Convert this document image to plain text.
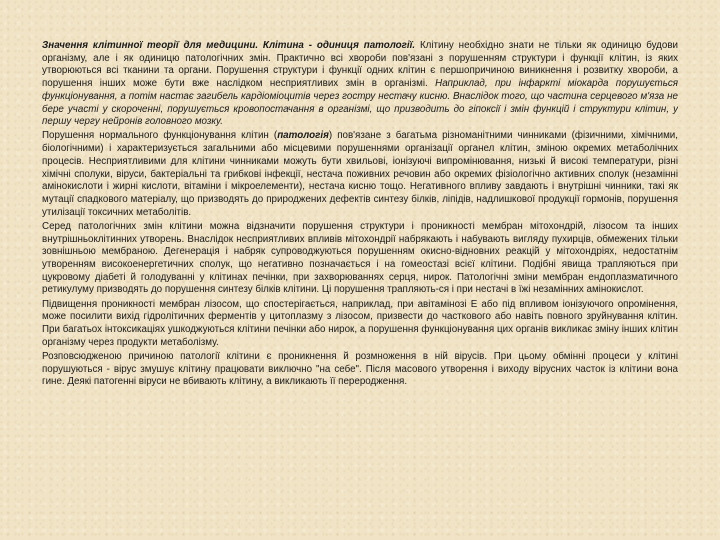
Значення клітинної теорії для медицини. Клітина - одиниця патології. Клітину необхідно знати не тільки як одиницю будови організму, але і як одиницю патологічних змін. Практично всі хвороби пов'язані з порушенням структури і функції клітин, із яких утворюються всі тканини та органи. Порушення структури і функції одних клітин є першопричиною виникнення і розвитку хвороби, а порушення інших може бути вже наслідком несприятливих змін в організмі. Наприклад, при інфаркті міокарда порушується функціонування, а потім настає загибель кардіоміоцитів через гостру нестачу кисню. Внаслідок того, що частина серцевого м'яза не бере участі у скороченні, порушується кровопостачання в організмі, що призводить до гіпоксії і змін функцій і структури клітин, у першу чергу нейронів головного мозку.

Порушення нормального функціонування клітин (патологія) пов'язане з багатьма різноманітними чинниками (фізичними, хімічними, біологічними) і характеризується загальними або місцевими порушеннями організації органел клітин, зміною окремих метаболічних процесів. Несприятливими для клітини чинниками можуть бути хвильові, іонізуючі випромінювання, низькі й високі температури, різні хімічні сполуки, віруси, бактеріальні та грибкові інфекції, нестача поживних речовин або окремих фізіологічно активних сполук (незамінні амінокислоти і жирні кислоти, вітаміни і мікроелементи), нестача кисню тощо. Негативного впливу завдають і внутрішні чинники, такі як мутації спадкового матеріалу, що призводять до природжених дефектів синтезу білків, ліпідів, надлишкової продукції гормонів, порушення утилізації токсичних метаболітів.

Серед патологічних змін клітини можна відзначити порушення структури і проникності мембран мітохондрій, лізосом та інших внутрішньоклітинних утворень. Внаслідок несприятливих впливів мітохондрії набрякають і набувають вигляду пухирців, обмежених тільки зовнішньою мембраною. Дегенерація і набряк супроводжуються порушенням окисно-відновних реакцій у мітохондріях, недостатнім утворенням високоенергетичних сполук, що негативно позначається і на гомеостазі всієї клітини. Подібні явища трапляються при цукровому діабеті й голодуванні у клітинах печінки, при захворюваннях серця, нирок. Патологічні зміни мембран ендоплазматичного ретикулуму призводять до порушення синтезу білків клітини. Ці порушення трапляють-ся і при нестачі в їжі незамінних амінокислот.

Підвищення проникності мембран лізосом, що спостерігається, наприклад, при авітамінозі Е або під впливом іонізуючого опромінення, може посилити вихід гідролітичних ферментів у цитоплазму з лізосом, призвести до часткового або навіть повного зруйнування клітин. При багатьох інтоксикаціях ушкоджуються клітини печінки або нирок, а порушення функціонування цих органів викликає зміну інших клітин організму через продукти метаболізму.

Розповсюдженою причиною патології клітини є проникнення й розмноження в ній вірусів. При цьому обмінні процеси у клітині порушуються - вірус змушує клітину працювати виключно "на себе". Після масового утворення і виходу вірусних часток із клітини вона гине. Деякі патогенні віруси не вбивають клітину, а викликають її переродження.
